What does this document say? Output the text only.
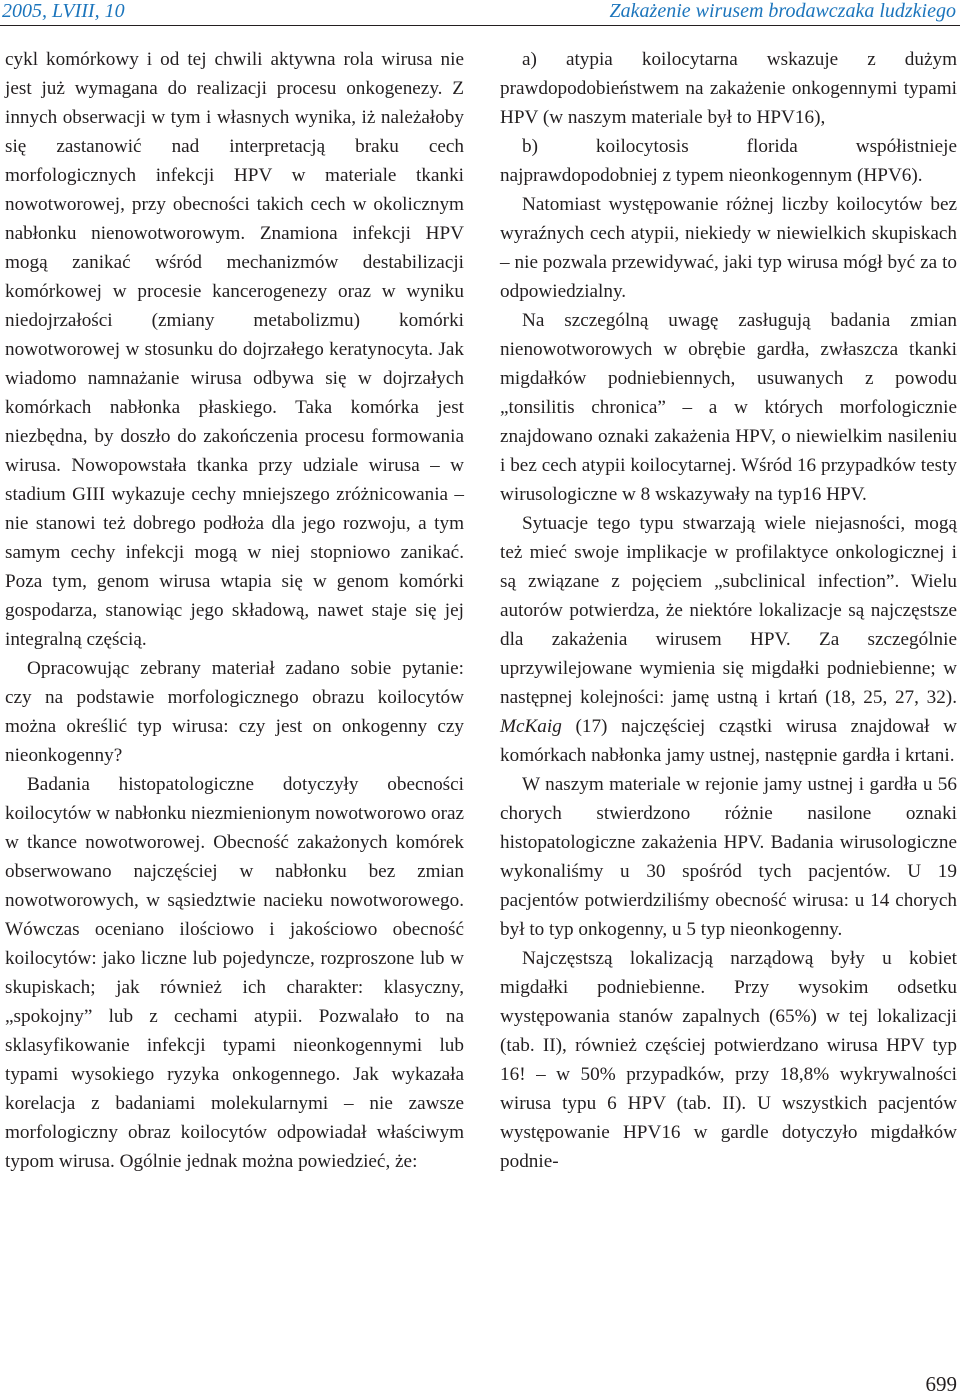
2005, LVIII, 10	Zakażenie wirusem brodawczaka ludzkiego

cykl komórkowy i od tej chwili aktywna rola wirusa nie jest już wymagana do realizacji procesu onkogenezy. Z innych obserwacji w tym i własnych wynika, iż należałoby się zastanowić nad interpretacją braku cech morfologicznych infekcji HPV w materiale tkanki nowotworowej, przy obecności takich cech w okolicznym nabłonku nienowotworowym. Znamiona infekcji HPV mogą zanikać wśród mechanizmów destabilizacji komórkowej w procesie kancerogenezy oraz w wyniku niedojrzałości (zmiany metabolizmu) komórki nowotworowej w stosunku do dojrzałego keratynocyta. Jak wiadomo namnażanie wirusa odbywa się w dojrzałych komórkach nabłonka płaskiego. Taka komórka jest niezbędna, by doszło do zakończenia procesu formowania wirusa. Nowopowstała tkanka przy udziale wirusa – w stadium GIII wykazuje cechy mniejszego zróżnicowania – nie stanowi też dobrego podłoża dla jego rozwoju, a tym samym cechy infekcji mogą w niej stopniowo zanikać. Poza tym, genom wirusa wtapia się w genom komórki gospodarza, stanowiąc jego składową, nawet staje się jej integralną częścią.

Opracowując zebrany materiał zadano sobie pytanie: czy na podstawie morfologicznego obrazu koilocytów można określić typ wirusa: czy jest on onkogenny czy nieonkogenny?

Badania histopatologiczne dotyczyły obecności koilocytów w nabłonku niezmienionym nowotworowo oraz w tkance nowotworowej. Obecność zakażonych komórek obserwowano najczęściej w nabłonku bez zmian nowotworowych, w sąsiedztwie nacieku nowotworowego. Wówczas oceniano ilościowo i jakościowo obecność koilocytów: jako liczne lub pojedyncze, rozproszone lub w skupiskach; jak również ich charakter: klasyczny, „spokojny” lub z cechami atypii. Pozwalało to na sklasyfikowanie infekcji typami nieonkogennymi lub typami wysokiego ryzyka onkogennego. Jak wykazała korelacja z badaniami molekularnymi – nie zawsze morfologiczny obraz koilocytów odpowiadał właściwym typom wirusa. Ogólnie jednak można powiedzieć, że:

a) atypia koilocytarna wskazuje z dużym prawdopodobieństwem na zakażenie onkogennymi typami HPV (w naszym materiale był to HPV16),

b) koilocytosis florida współistnieje najprawdopodobniej z typem nieonkogennym (HPV6).

Natomiast występowanie różnej liczby koilocytów bez wyraźnych cech atypii, niekiedy w niewielkich skupiskach – nie pozwala przewidywać, jaki typ wirusa mógł być za to odpowiedzialny.

Na szczególną uwagę zasługują badania zmian nienowotworowych w obrębie gardła, zwłaszcza tkanki migdałków podniebiennych, usuwanych z powodu „tonsilitis chronica” – a w których morfologicznie znajdowano oznaki zakażenia HPV, o niewielkim nasileniu i bez cech atypii koilocytarnej. Wśród 16 przypadków testy wirusologiczne w 8 wskazywały na typ16 HPV.

Sytuacje tego typu stwarzają wiele niejasności, mogą też mieć swoje implikacje w profilaktyce onkologicznej i są związane z pojęciem „subclinical infection”. Wielu autorów potwierdza, że niektóre lokalizacje są najczęstsze dla zakażenia wirusem HPV. Za szczególnie uprzywilejowane wymienia się migdałki podniebienne; w następnej kolejności: jamę ustną i krtań (18, 25, 27, 32). McKaig (17) najczęściej cząstki wirusa znajdował w komórkach nabłonka jamy ustnej, następnie gardła i krtani.

W naszym materiale w rejonie jamy ustnej i gardła u 56 chorych stwierdzono różnie nasilone oznaki histopatologiczne zakażenia HPV. Badania wirusologiczne wykonaliśmy u 30 spośród tych pacjentów. U 19 pacjentów potwierdziliśmy obecność wirusa: u 14 chorych był to typ onkogenny, u 5 typ nieonkogenny.

Najczęstszą lokalizacją narządową były u kobiet migdałki podniebienne. Przy wysokim odsetku występowania stanów zapalnych (65%) w tej lokalizacji (tab. II), również częściej potwierdzano wirusa HPV typ 16! – w 50% przypadków, przy 18,8% wykrywalności wirusa typu 6 HPV (tab. II). U wszystkich pacjentów występowanie HPV16 w gardle dotyczyło migdałków podnie-

699
